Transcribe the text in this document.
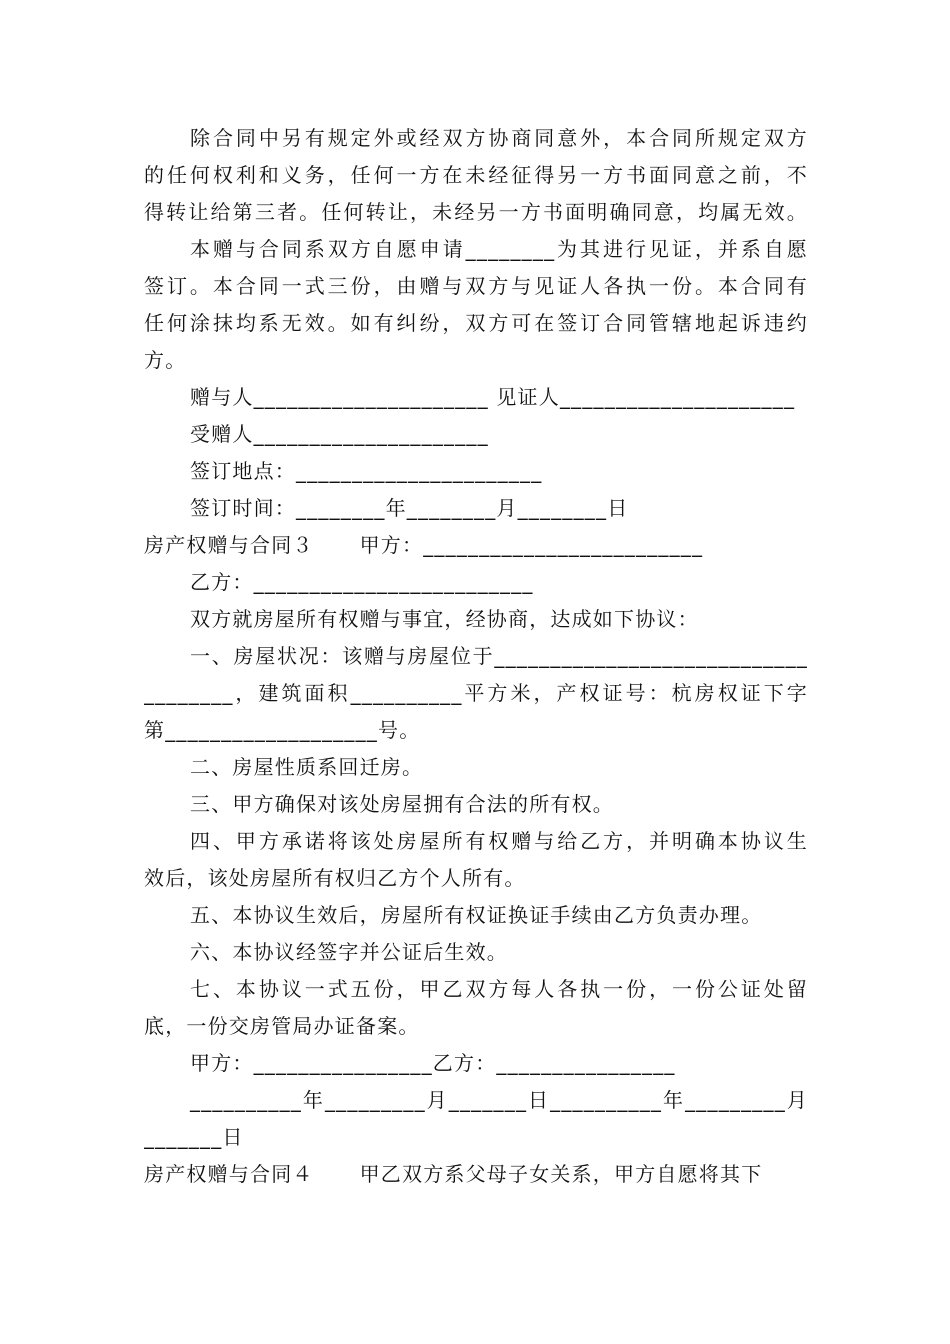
除合同中另有规定外或经双方协商同意外，本合同所规定双方
的任何权利和义务，任何一方在未经征得另一方书面同意之前，不
得转让给第三者。任何转让，未经另一方书面明确同意，均属无效。
本赠与合同系双方自愿申请________为其进行见证，并系自愿
签订。本合同一式三份，由赠与双方与见证人各执一份。本合同有
任何涂抹均系无效。如有纠纷，双方可在签订合同管辖地起诉违约
方。
赠与人_____________________ 见证人_____________________
受赠人_____________________
签订地点：______________________
签订时间：________年________月________日
房产权赠与合同３ 甲方：_________________________
乙方：_________________________
双方就房屋所有权赠与事宜，经协商，达成如下协议：
一、房屋状况：该赠与房屋位于____________________________
________，建筑面积__________平方米，产权证号：杭房权证下字
第___________________号。
二、房屋性质系回迁房。
三、甲方确保对该处房屋拥有合法的所有权。
四、甲方承诺将该处房屋所有权赠与给乙方，并明确本协议生
效后，该处房屋所有权归乙方个人所有。
五、本协议生效后，房屋所有权证换证手续由乙方负责办理。
六、本协议经签字并公证后生效。
七、本协议一式五份，甲乙双方每人各执一份，一份公证处留
底，一份交房管局办证备案。
甲方：________________乙方：________________
__________年_________月_______日__________年_________月
_______日
房产权赠与合同４ 甲乙双方系父母子女关系，甲方自愿将其下
